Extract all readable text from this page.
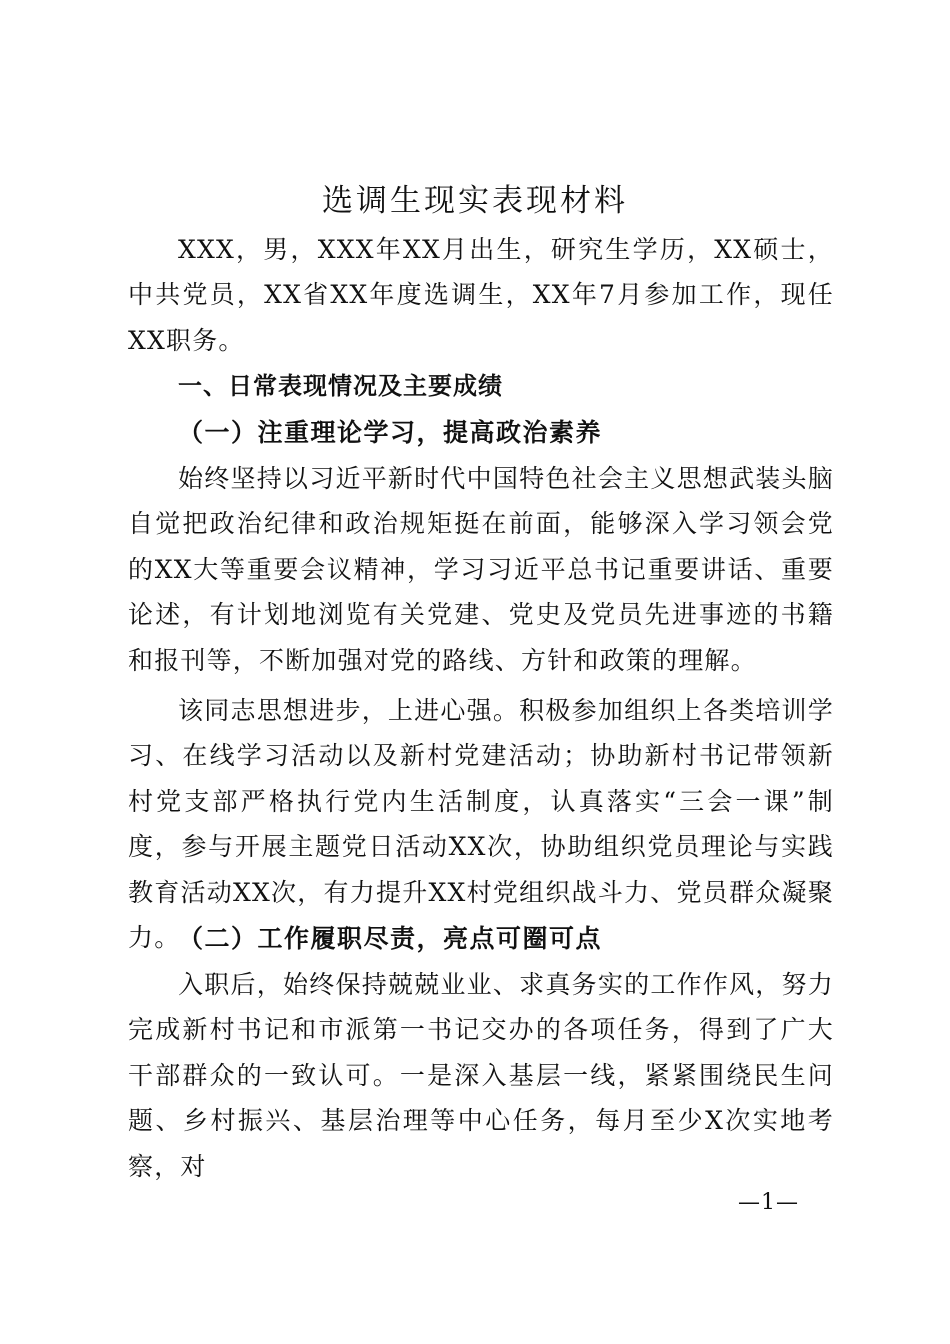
选调生现实表现材料

XXX，男，XXX年XX月出生，研究生学历，XX硕士，中共党员，XX省XX年度选调生，XX年7月参加工作，现任XX职务。

一、日常表现情况及主要成绩
（一）注重理论学习，提高政治素养

始终坚持以习近平新时代中国特色社会主义思想武装头脑自觉把政治纪律和政治规矩挺在前面，能够深入学习领会党的XX大等重要会议精神，学习习近平总书记重要讲话、重要论述，有计划地浏览有关党建、党史及党员先进事迹的书籍和报刊等，不断加强对党的路线、方针和政策的理解。

该同志思想进步，上进心强。积极参加组织上各类培训学习、在线学习活动以及新村党建活动；协助新村书记带领新村党支部严格执行党内生活制度，认真落实“三会一课”制度，参与开展主题党日活动XX次，协助组织党员理论与实践教育活动XX次，有力提升XX村党组织战斗力、党员群众凝聚力。

（二）工作履职尽责，亮点可圈可点

入职后，始终保持兢兢业业、求真务实的工作作风，努力完成新村书记和市派第一书记交办的各项任务，得到了广大干部群众的一致认可。一是深入基层一线，紧紧围绕民生问题、乡村振兴、基层治理等中心任务，每月至少X次实地考察，对

—1—
